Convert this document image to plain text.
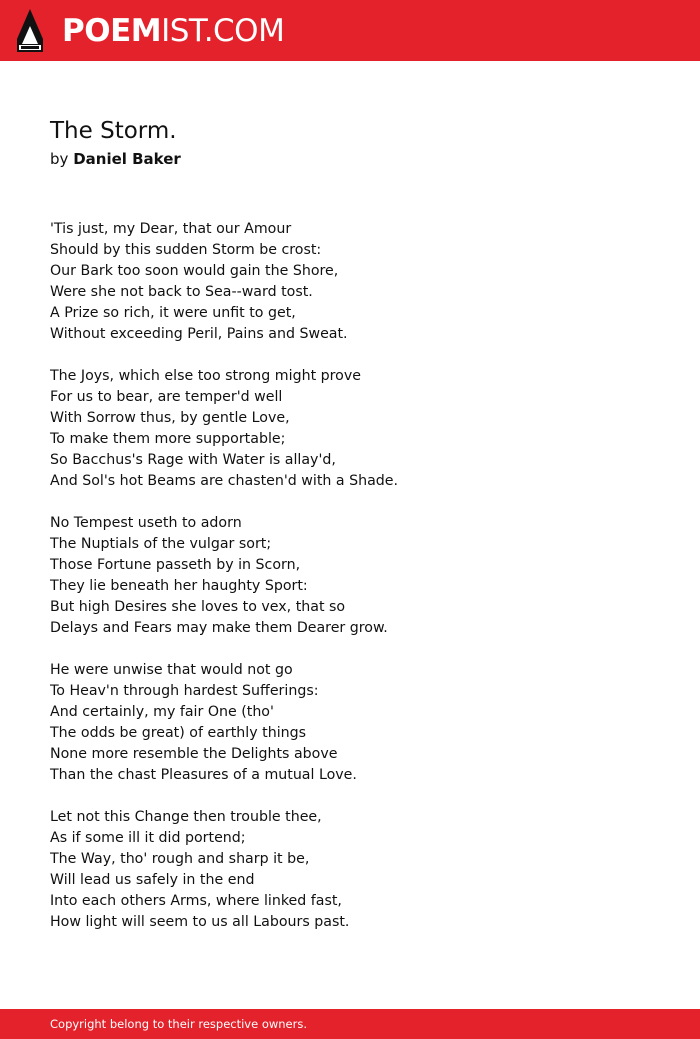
POEMIST.COM
The Storm.
by Daniel Baker
'Tis just, my Dear, that our Amour
Should by this sudden Storm be crost:
Our Bark too soon would gain the Shore,
Were she not back to Sea--ward tost.
A Prize so rich, it were unfit to get,
Without exceeding Peril, Pains and Sweat.
The Joys, which else too strong might prove
For us to bear, are temper'd well
With Sorrow thus, by gentle Love,
To make them more supportable;
So Bacchus's Rage with Water is allay'd,
And Sol's hot Beams are chasten'd with a Shade.
No Tempest useth to adorn
The Nuptials of the vulgar sort;
Those Fortune passeth by in Scorn,
They lie beneath her haughty Sport:
But high Desires she loves to vex, that so
Delays and Fears may make them Dearer grow.
He were unwise that would not go
To Heav'n through hardest Sufferings:
And certainly, my fair One (tho'
The odds be great) of earthly things
None more resemble the Delights above
Than the chast Pleasures of a mutual Love.
Let not this Change then trouble thee,
As if some ill it did portend;
The Way, tho' rough and sharp it be,
Will lead us safely in the end
Into each others Arms, where linked fast,
How light will seem to us all Labours past.
Copyright belong to their respective owners.
